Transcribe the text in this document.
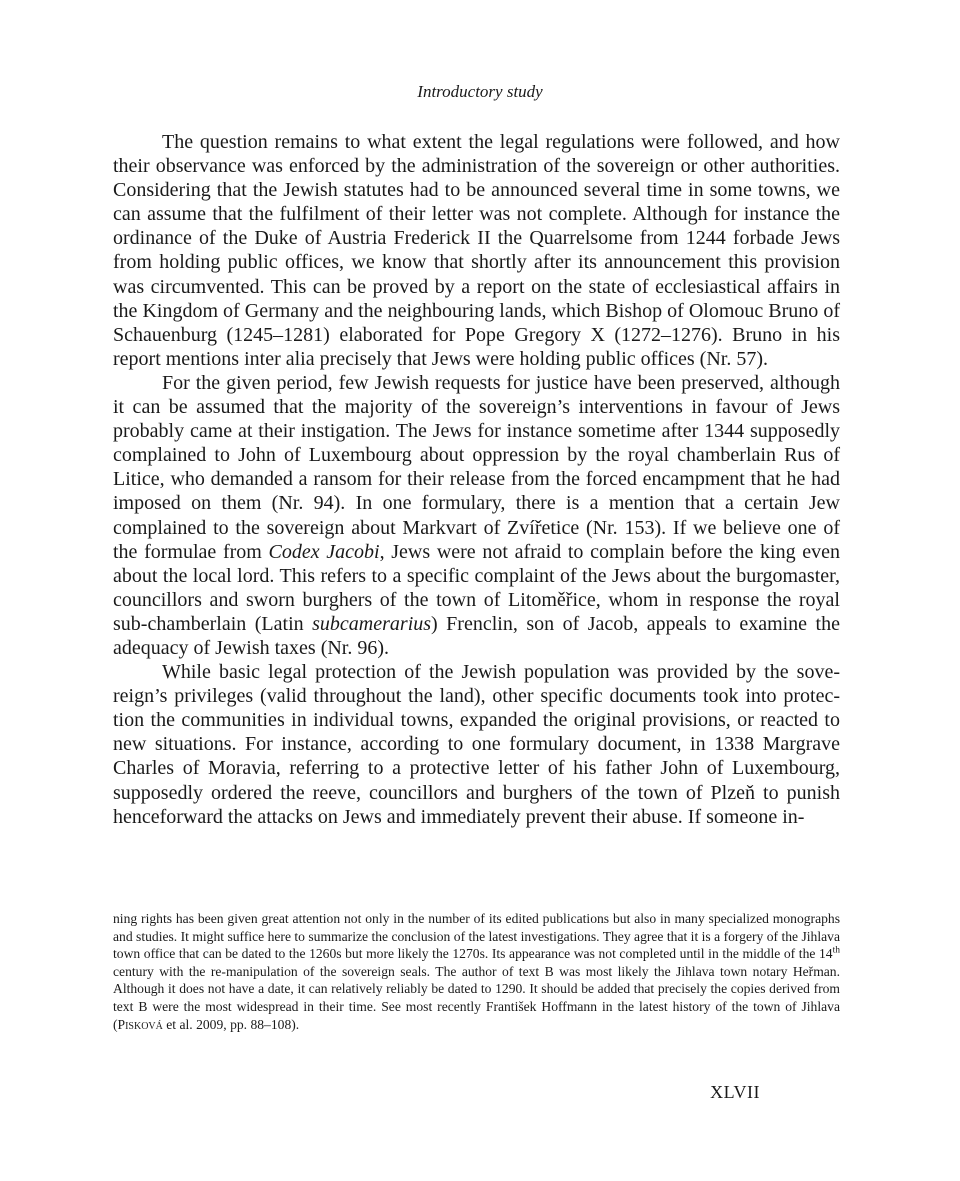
Introductory study

The question remains to what extent the legal regulations were followed, and how their observance was enforced by the administration of the sovereign or other authorities. Considering that the Jewish statutes had to be announced several time in some towns, we can assume that the fulfilment of their letter was not complete. Although for instance the ordinance of the Duke of Austria Frederick II the Quarrelsome from 1244 forbade Jews from holding public offices, we know that shortly after its announcement this provision was circumvented. This can be proved by a report on the state of ecclesiastical affairs in the Kingdom of Germany and the neighbouring lands, which Bishop of Olomouc Bruno of Schauenburg (1245–1281) elaborated for Pope Gregory X (1272–1276). Bruno in his report mentions inter alia precisely that Jews were holding public offices (Nr. 57).

For the given period, few Jewish requests for justice have been preserved, although it can be assumed that the majority of the sovereign’s interventions in favour of Jews probably came at their instigation. The Jews for instance sometime after 1344 supposedly complained to John of Luxembourg about oppression by the royal chamberlain Rus of Litice, who demanded a ransom for their release from the forced encampment that he had imposed on them (Nr. 94). In one formulary, there is a mention that a certain Jew complained to the sovereign about Markvart of Zvířetice (Nr. 153). If we believe one of the formulae from Codex Jacobi, Jews were not afraid to complain before the king even about the local lord. This refers to a specific complaint of the Jews about the burgomaster, councillors and sworn burghers of the town of Litoměřice, whom in response the royal sub-chamberlain (Latin subcamerarius) Frenclin, son of Jacob, appeals to examine the adequacy of Jewish taxes (Nr. 96).

While basic legal protection of the Jewish population was provided by the sovereign’s privileges (valid throughout the land), other specific documents took into protection the communities in individual towns, expanded the original provisions, or reacted to new situations. For instance, according to one formulary document, in 1338 Margrave Charles of Moravia, referring to a protective letter of his father John of Luxembourg, supposedly ordered the reeve, councillors and burghers of the town of Plzeň to punish henceforward the attacks on Jews and immediately prevent their abuse. If someone in-

ning rights has been given great attention not only in the number of its edited publications but also in many specialized monographs and studies. It might suffice here to summarize the conclusion of the latest investigations. They agree that it is a forgery of the Jihlava town office that can be dated to the 1260s but more likely the 1270s. Its appearance was not completed until in the middle of the 14th century with the re-manipulation of the sovereign seals. The author of text B was most likely the Jihlava town notary Heřman. Although it does not have a date, it can relatively reliably be dated to 1290. It should be added that precisely the copies derived from text B were the most widespread in their time. See most recently František Hoffmann in the latest history of the town of Jihlava (Pisková et al. 2009, pp. 88–108).

XLVII
